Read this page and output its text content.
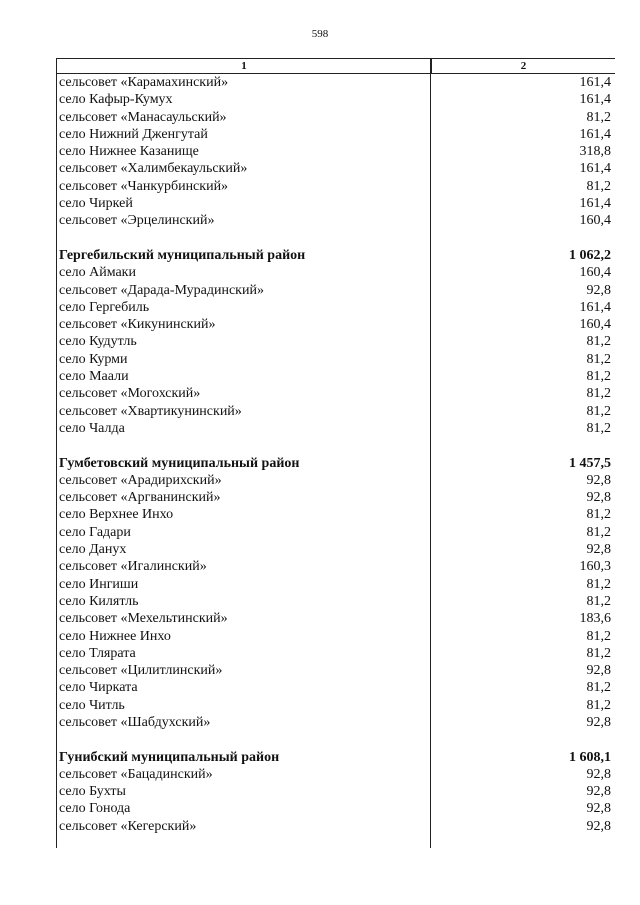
598
1	2
сельсовет «Карамахинский»	161,4
село Кафыр-Кумух	161,4
сельсовет «Манасаульский»	81,2
село Нижний Дженгутай	161,4
село Нижнее Казанище	318,8
сельсовет «Халимбекаульский»	161,4
сельсовет «Чанкурбинский»	81,2
село Чиркей	161,4
сельсовет «Эрцелинский»	160,4
Гергебильский муниципальный район	1 062,2
село Аймаки	160,4
сельсовет «Дарада-Мурадинский»	92,8
село Гергебиль	161,4
сельсовет «Кикунинский»	160,4
село Кудутль	81,2
село Курми	81,2
село Маали	81,2
сельсовет «Могохский»	81,2
сельсовет «Хвартикунинский»	81,2
село Чалда	81,2
Гумбетовский муниципальный район	1 457,5
сельсовет «Арадирихский»	92,8
сельсовет «Аргванинский»	92,8
село Верхнее Инхо	81,2
село Гадари	81,2
село Данух	92,8
сельсовет «Игалинский»	160,3
село Ингиши	81,2
село Килятль	81,2
сельсовет «Мехельтинский»	183,6
село Нижнее Инхо	81,2
село Тлярата	81,2
сельсовет «Цилитлинский»	92,8
село Чирката	81,2
село Читль	81,2
сельсовет «Шабдухский»	92,8
Гунибский муниципальный район	1 608,1
сельсовет «Бацадинский»	92,8
село Бухты	92,8
село Гонода	92,8
сельсовет «Кегерский»	92,8
